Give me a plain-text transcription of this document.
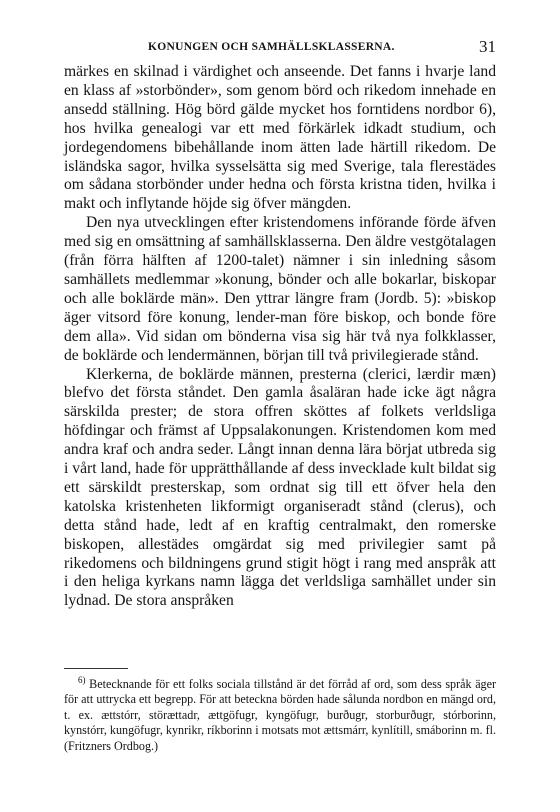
KONUNGEN OCH SAMHÄLLSKLASSERNA.	31

märkes en skilnad i värdighet och anseende. Det fanns i hvarje land en klass af »storbönder», som genom börd och rikedom innehade en ansedd ställning. Hög börd gälde mycket hos forntidens nordbor 6), hos hvilka genealogi var ett med förkärlek idkadt studium, och jordegendomens bibehållande inom ätten lade härtill rikedom. De isländska sagor, hvilka sysselsätta sig med Sverige, tala flerestädes om sådana storbönder under hedna och första kristna tiden, hvilka i makt och inflytande höjde sig öfver mängden.

Den nya utvecklingen efter kristendomens införande förde äfven med sig en omsättning af samhällsklasserna. Den äldre vestgötalagen (från förra hälften af 1200-talet) nämner i sin inledning såsom samhällets medlemmar »konung, bönder och alle bokarlar, biskopar och alle boklärde män». Den yttrar längre fram (Jordb. 5): »biskop äger vitsord före konung, lender-man före biskop, och bonde före dem alla». Vid sidan om bönderna visa sig här två nya folkklasser, de boklärde och lendermännen, början till två privilegierade stånd.

Klerkerna, de boklärde männen, presterna (clerici, lærdir mæn) blefvo det första ståndet. Den gamla åsaläran hade icke ägt några särskilda prester; de stora offren sköttes af folkets verldsliga höfdingar och främst af Uppsalakonungen. Kristendomen kom med andra kraf och andra seder. Långt innan denna lära börjat utbreda sig i vårt land, hade för upprätthållande af dess invecklade kult bildat sig ett särskildt presterskap, som ordnat sig till ett öfver hela den katolska kristenheten likformigt organiseradt stånd (clerus), och detta stånd hade, ledt af en kraftig centralmakt, den romerske biskopen, allestädes omgärdat sig med privilegier samt på rikedomens och bildningens grund stigit högt i rang med anspråk att i den heliga kyrkans namn lägga det verldsliga samhället under sin lydnad. De stora anspråken

$^{6)}$ Betecknande för ett folks sociala tillstånd är det förråd af ord, som dess språk äger för att uttrycka ett begrepp. För att beteckna börden hade sålunda nordbon en mängd ord, t. ex. ættstórr, störættadr, ættgöfugr, kyngöfugr, burðugr, storburðugr, stórborinn, kynstórr, kungöfugr, kynrikr, ríkborinn i motsats mot ættsmárr, kynlítill, smáborinn m. fl. (Fritzners Ordbog.)
